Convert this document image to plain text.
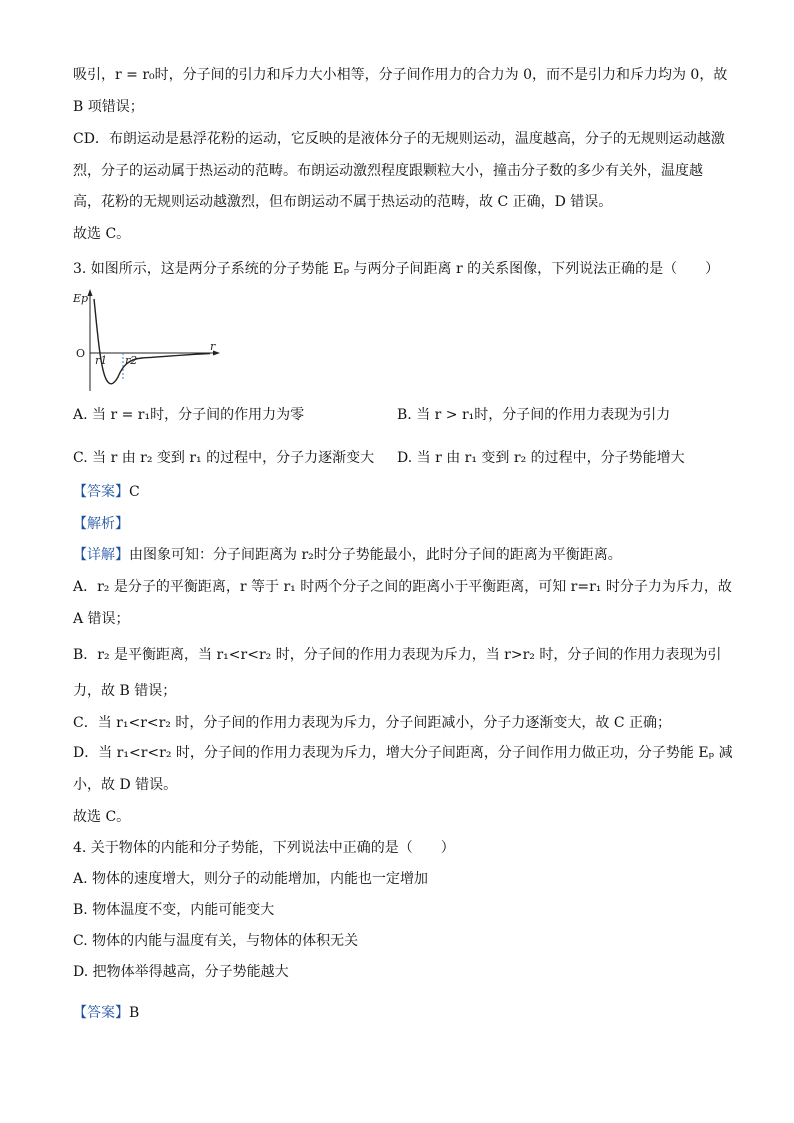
吸引，r = r₀时，分子间的引力和斥力大小相等，分子间作用力的合力为 0，而不是引力和斥力均为 0，故
B 项错误；
CD．布朗运动是悬浮花粉的运动，它反映的是液体分子的无规则运动，温度越高，分子的无规则运动越激
烈，分子的运动属于热运动的范畴。布朗运动激烈程度跟颗粒大小，撞击分子数的多少有关外，温度越
高，花粉的无规则运动越激烈，但布朗运动不属于热运动的范畴，故 C 正确，D 错误。
故选 C。
3. 如图所示，这是两分子系统的分子势能 Eₚ 与两分子间距离 r 的关系图像，下列说法正确的是（　　）
Ep
O
r1 r2
r
A. 当 r = r₁时，分子间的作用力为零	B. 当 r > r₁时，分子间的作用力表现为引力
C. 当 r 由 r₂ 变到 r₁ 的过程中，分子力逐渐变大 D. 当 r 由 r₁ 变到 r₂ 的过程中，分子势能增大
【答案】C
【解析】
【详解】由图象可知：分子间距离为 r₂时分子势能最小，此时分子间的距离为平衡距离。
A．r₂ 是分子的平衡距离，r 等于 r₁ 时两个分子之间的距离小于平衡距离，可知 r=r₁ 时分子力为斥力，故
A 错误；
B．r₂ 是平衡距离，当 r₁<r<r₂ 时，分子间的作用力表现为斥力，当 r>r₂ 时，分子间的作用力表现为引
力，故 B 错误；
C．当 r₁<r<r₂ 时，分子间的作用力表现为斥力，分子间距减小，分子力逐渐变大，故 C 正确；
D．当 r₁<r<r₂ 时，分子间的作用力表现为斥力，增大分子间距离，分子间作用力做正功，分子势能 Eₚ 减
小，故 D 错误。
故选 C。
4. 关于物体的内能和分子势能，下列说法中正确的是（　　）
A. 物体的速度增大，则分子的动能增加，内能也一定增加
B. 物体温度不变，内能可能变大
C. 物体的内能与温度有关，与物体的体积无关
D. 把物体举得越高，分子势能越大
【答案】B
